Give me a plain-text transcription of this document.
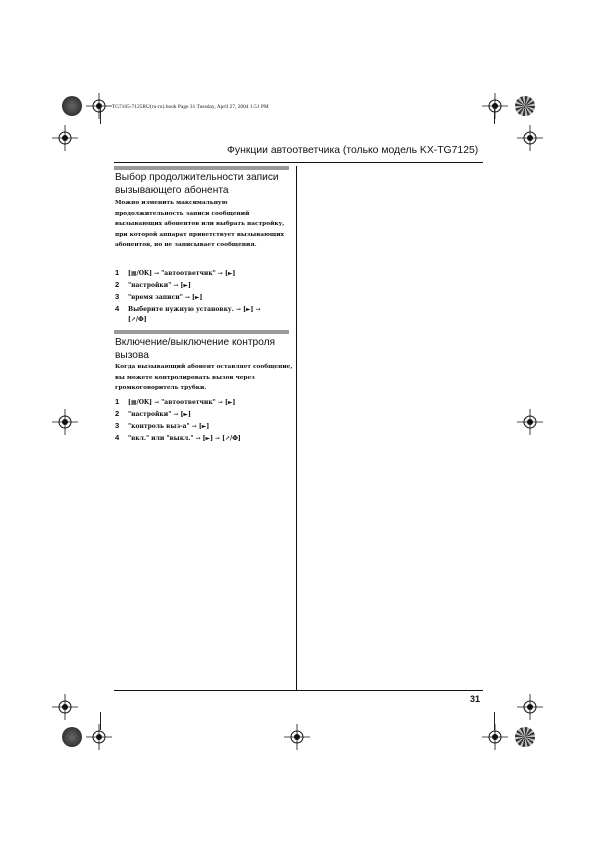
TG7105-7125RU(ru-ru).book Page 31 Tuesday, April 27, 2004 1:51 PM
Функции автоответчика (только модель KX-TG7125)
Выбор продолжительности записи вызывающего абонента
Можно изменить максимальную продолжительность записи сообщений вызывающих абонентов или выбрать настройку, при которой аппарат приветствует вызывающих абонентов, но не записывает сообщения.
1 [▦/OK] → "автоответчик" → [►]
2 "настройки" → [►]
3 "время записи" → [►]
4 Выберите нужную установку. → [►] →
[↗/Ф]
Включение/выключение контроля вызова
Когда вызывающий абонент оставляет сообщение, вы можете контролировать вызов через громкоговоритель трубки.
1 [▦/OK] → "автоответчик" → [►]
2 "настройки" → [►]
3 "контроль выз-а" → [►]
4 "вкл." или "выкл." → [►] → [↗/Ф]
31
